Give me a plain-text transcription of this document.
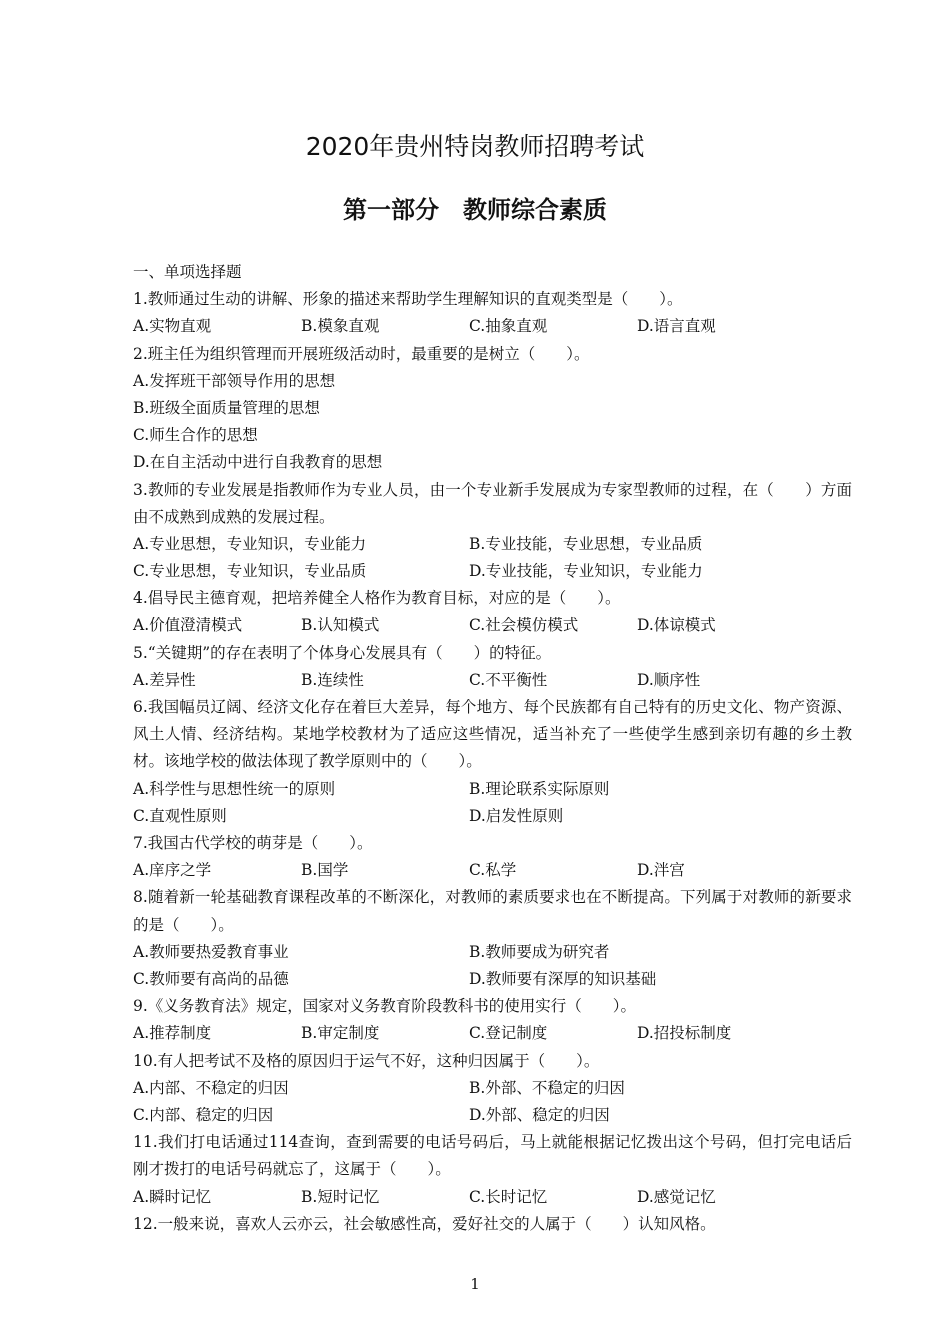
2020年贵州特岗教师招聘考试
第一部分　教师综合素质
一、单项选择题
1.教师通过生动的讲解、形象的描述来帮助学生理解知识的直观类型是（　　）。
A.实物直观	B.模象直观	C.抽象直观	D.语言直观
2.班主任为组织管理而开展班级活动时，最重要的是树立（　　）。
A.发挥班干部领导作用的思想
B.班级全面质量管理的思想
C.师生合作的思想
D.在自主活动中进行自我教育的思想
3.教师的专业发展是指教师作为专业人员，由一个专业新手发展成为专家型教师的过程，在（　　）方面由不成熟到成熟的发展过程。
A.专业思想，专业知识，专业能力	B.专业技能，专业思想，专业品质
C.专业思想，专业知识，专业品质	D.专业技能，专业知识，专业能力
4.倡导民主德育观，把培养健全人格作为教育目标，对应的是（　　）。
A.价值澄清模式	B.认知模式	C.社会模仿模式	D.体谅模式
5.“关键期”的存在表明了个体身心发展具有（　　）的特征。
A.差异性	B.连续性	C.不平衡性	D.顺序性
6.我国幅员辽阔、经济文化存在着巨大差异，每个地方、每个民族都有自己特有的历史文化、物产资源、风土人情、经济结构。某地学校教材为了适应这些情况，适当补充了一些使学生感到亲切有趣的乡土教材。该地学校的做法体现了教学原则中的（　　）。
A.科学性与思想性统一的原则	B.理论联系实际原则
C.直观性原则	D.启发性原则
7.我国古代学校的萌芽是（　　）。
A.庠序之学	B.国学	C.私学	D.泮宫
8.随着新一轮基础教育课程改革的不断深化，对教师的素质要求也在不断提高。下列属于对教师的新要求的是（　　）。
A.教师要热爱教育事业	B.教师要成为研究者
C.教师要有高尚的品德	D.教师要有深厚的知识基础
9.《义务教育法》规定，国家对义务教育阶段教科书的使用实行（　　）。
A.推荐制度	B.审定制度	C.登记制度	D.招投标制度
10.有人把考试不及格的原因归于运气不好，这种归因属于（　　）。
A.内部、不稳定的归因	B.外部、不稳定的归因
C.内部、稳定的归因	D.外部、稳定的归因
11.我们打电话通过114查询，查到需要的电话号码后，马上就能根据记忆拨出这个号码，但打完电话后刚才拨打的电话号码就忘了，这属于（　　）。
A.瞬时记忆	B.短时记忆	C.长时记忆	D.感觉记忆
12.一般来说，喜欢人云亦云，社会敏感性高，爱好社交的人属于（　　）认知风格。
1
